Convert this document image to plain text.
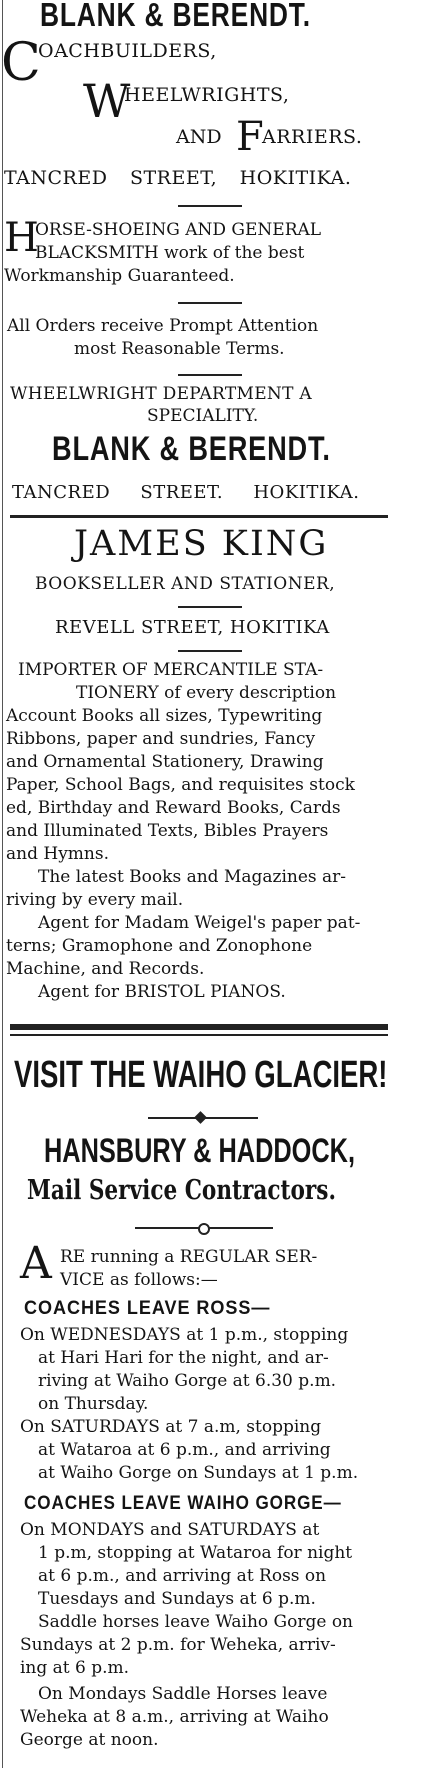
BLANK & BERENDT.
C
OACHBUILDERS,
W
HEELWRIGHTS,
AND F
ARRIERS.
TANCRED STREET, HOKITIKA.
H
ORSE-SHOEING AND GENERAL
BLACKSMITH work of the best
Workmanship Guaranteed.
All Orders receive Prompt Attention
most Reasonable Terms.
WHEELWRIGHT DEPARTMENT A
SPECIALITY.
BLANK & BERENDT.
TANCRED STREET. HOKITIKA.
JAMES KING
BOOKSELLER AND STATIONER,
REVELL STREET, HOKITIKA
IMPORTER OF MERCANTILE STA-
TIONERY of every description
Account Books all sizes, Typewriting
Ribbons, paper and sundries, Fancy
and Ornamental Stationery, Drawing
Paper, School Bags, and requisites stock
ed, Birthday and Reward Books, Cards
and Illuminated Texts, Bibles Prayers
and Hymns.
The latest Books and Magazines ar-
riving by every mail.
Agent for Madam Weigel's paper pat-
terns; Gramophone and Zonophone
Machine, and Records.
Agent for BRISTOL PIANOS.
VISIT THE WAIHO GLACIER!
HANSBURY & HADDOCK,
Mail Service Contractors.
A RE running a REGULAR SER-
VICE as follows:—
COACHES LEAVE ROSS—
On WEDNESDAYS at 1 p.m., stopping
at Hari Hari for the night, and ar-
riving at Waiho Gorge at 6.30 p.m.
on Thursday.
On SATURDAYS at 7 a.m, stopping
at Wataroa at 6 p.m., and arriving
at Waiho Gorge on Sundays at 1 p.m.
COACHES LEAVE WAIHO GORGE—
On MONDAYS and SATURDAYS at
1 p.m, stopping at Wataroa for night
at 6 p.m., and arriving at Ross on
Tuesdays and Sundays at 6 p.m.
Saddle horses leave Waiho Gorge on
Sundays at 2 p.m. for Weheka, arriv-
ing at 6 p.m.
On Mondays Saddle Horses leave
Weheka at 8 a.m., arriving at Waiho
George at noon.
